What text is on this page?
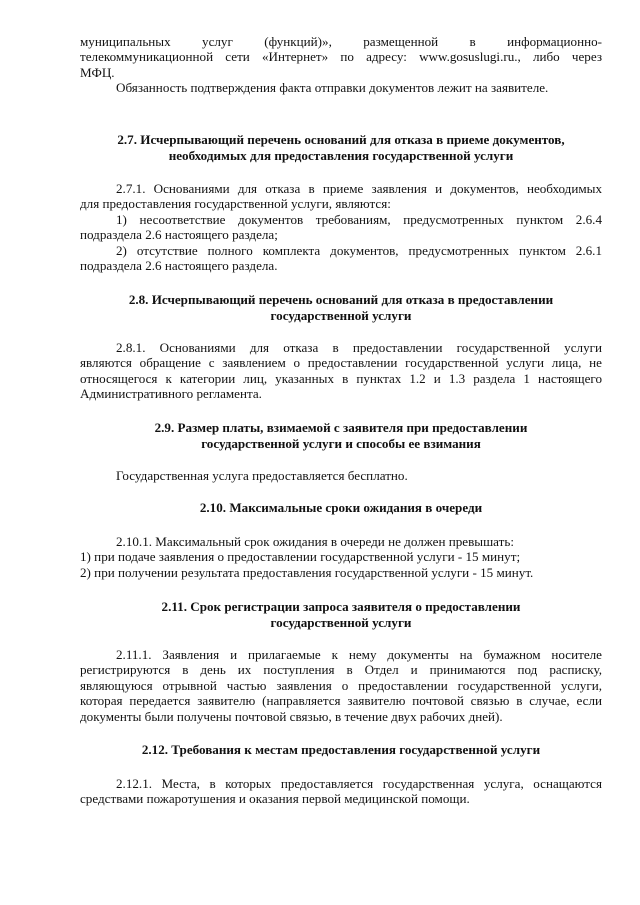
муниципальных услуг (функций)», размещенной в информационно-
телекоммуникационной сети «Интернет» по адресу: www.gosuslugi.ru., либо через
МФЦ.
Обязанность подтверждения факта отправки документов лежит на заявителе.
2.7. Исчерпывающий перечень оснований для отказа в приеме документов,
необходимых для предоставления государственной услуги
2.7.1. Основаниями для отказа в приеме заявления и документов, необходимых
для предоставления государственной услуги, являются:
1) несоответствие документов требованиям, предусмотренных пунктом 2.6.4
подраздела 2.6 настоящего раздела;
2) отсутствие полного комплекта документов, предусмотренных пунктом 2.6.1
подраздела 2.6 настоящего раздела.
2.8. Исчерпывающий перечень оснований для отказа в предоставлении
государственной услуги
2.8.1. Основаниями для отказа в предоставлении государственной услуги
являются обращение с заявлением о предоставлении государственной услуги лица, не
относящегося к категории лиц, указанных в пунктах 1.2 и 1.3 раздела 1 настоящего
Административного регламента.
2.9. Размер платы, взимаемой с заявителя при предоставлении
государственной услуги и способы ее взимания
Государственная услуга предоставляется бесплатно.
2.10. Максимальные сроки ожидания в очереди
2.10.1. Максимальный срок ожидания в очереди не должен превышать:
1) при подаче заявления о предоставлении государственной услуги - 15 минут;
2) при получении результата предоставления государственной услуги - 15 минут.
2.11. Срок регистрации запроса заявителя о предоставлении
государственной услуги
2.11.1. Заявления и прилагаемые к нему документы на бумажном носителе
регистрируются в день их поступления в Отдел и принимаются под расписку,
являющуюся отрывной частью заявления о предоставлении государственной услуги,
которая передается заявителю (направляется заявителю почтовой связью в случае, если
документы были получены почтовой связью, в течение двух рабочих дней).
2.12. Требования к местам предоставления государственной услуги
2.12.1. Места, в которых предоставляется государственная услуга, оснащаются
средствами пожаротушения и оказания первой медицинской помощи.
